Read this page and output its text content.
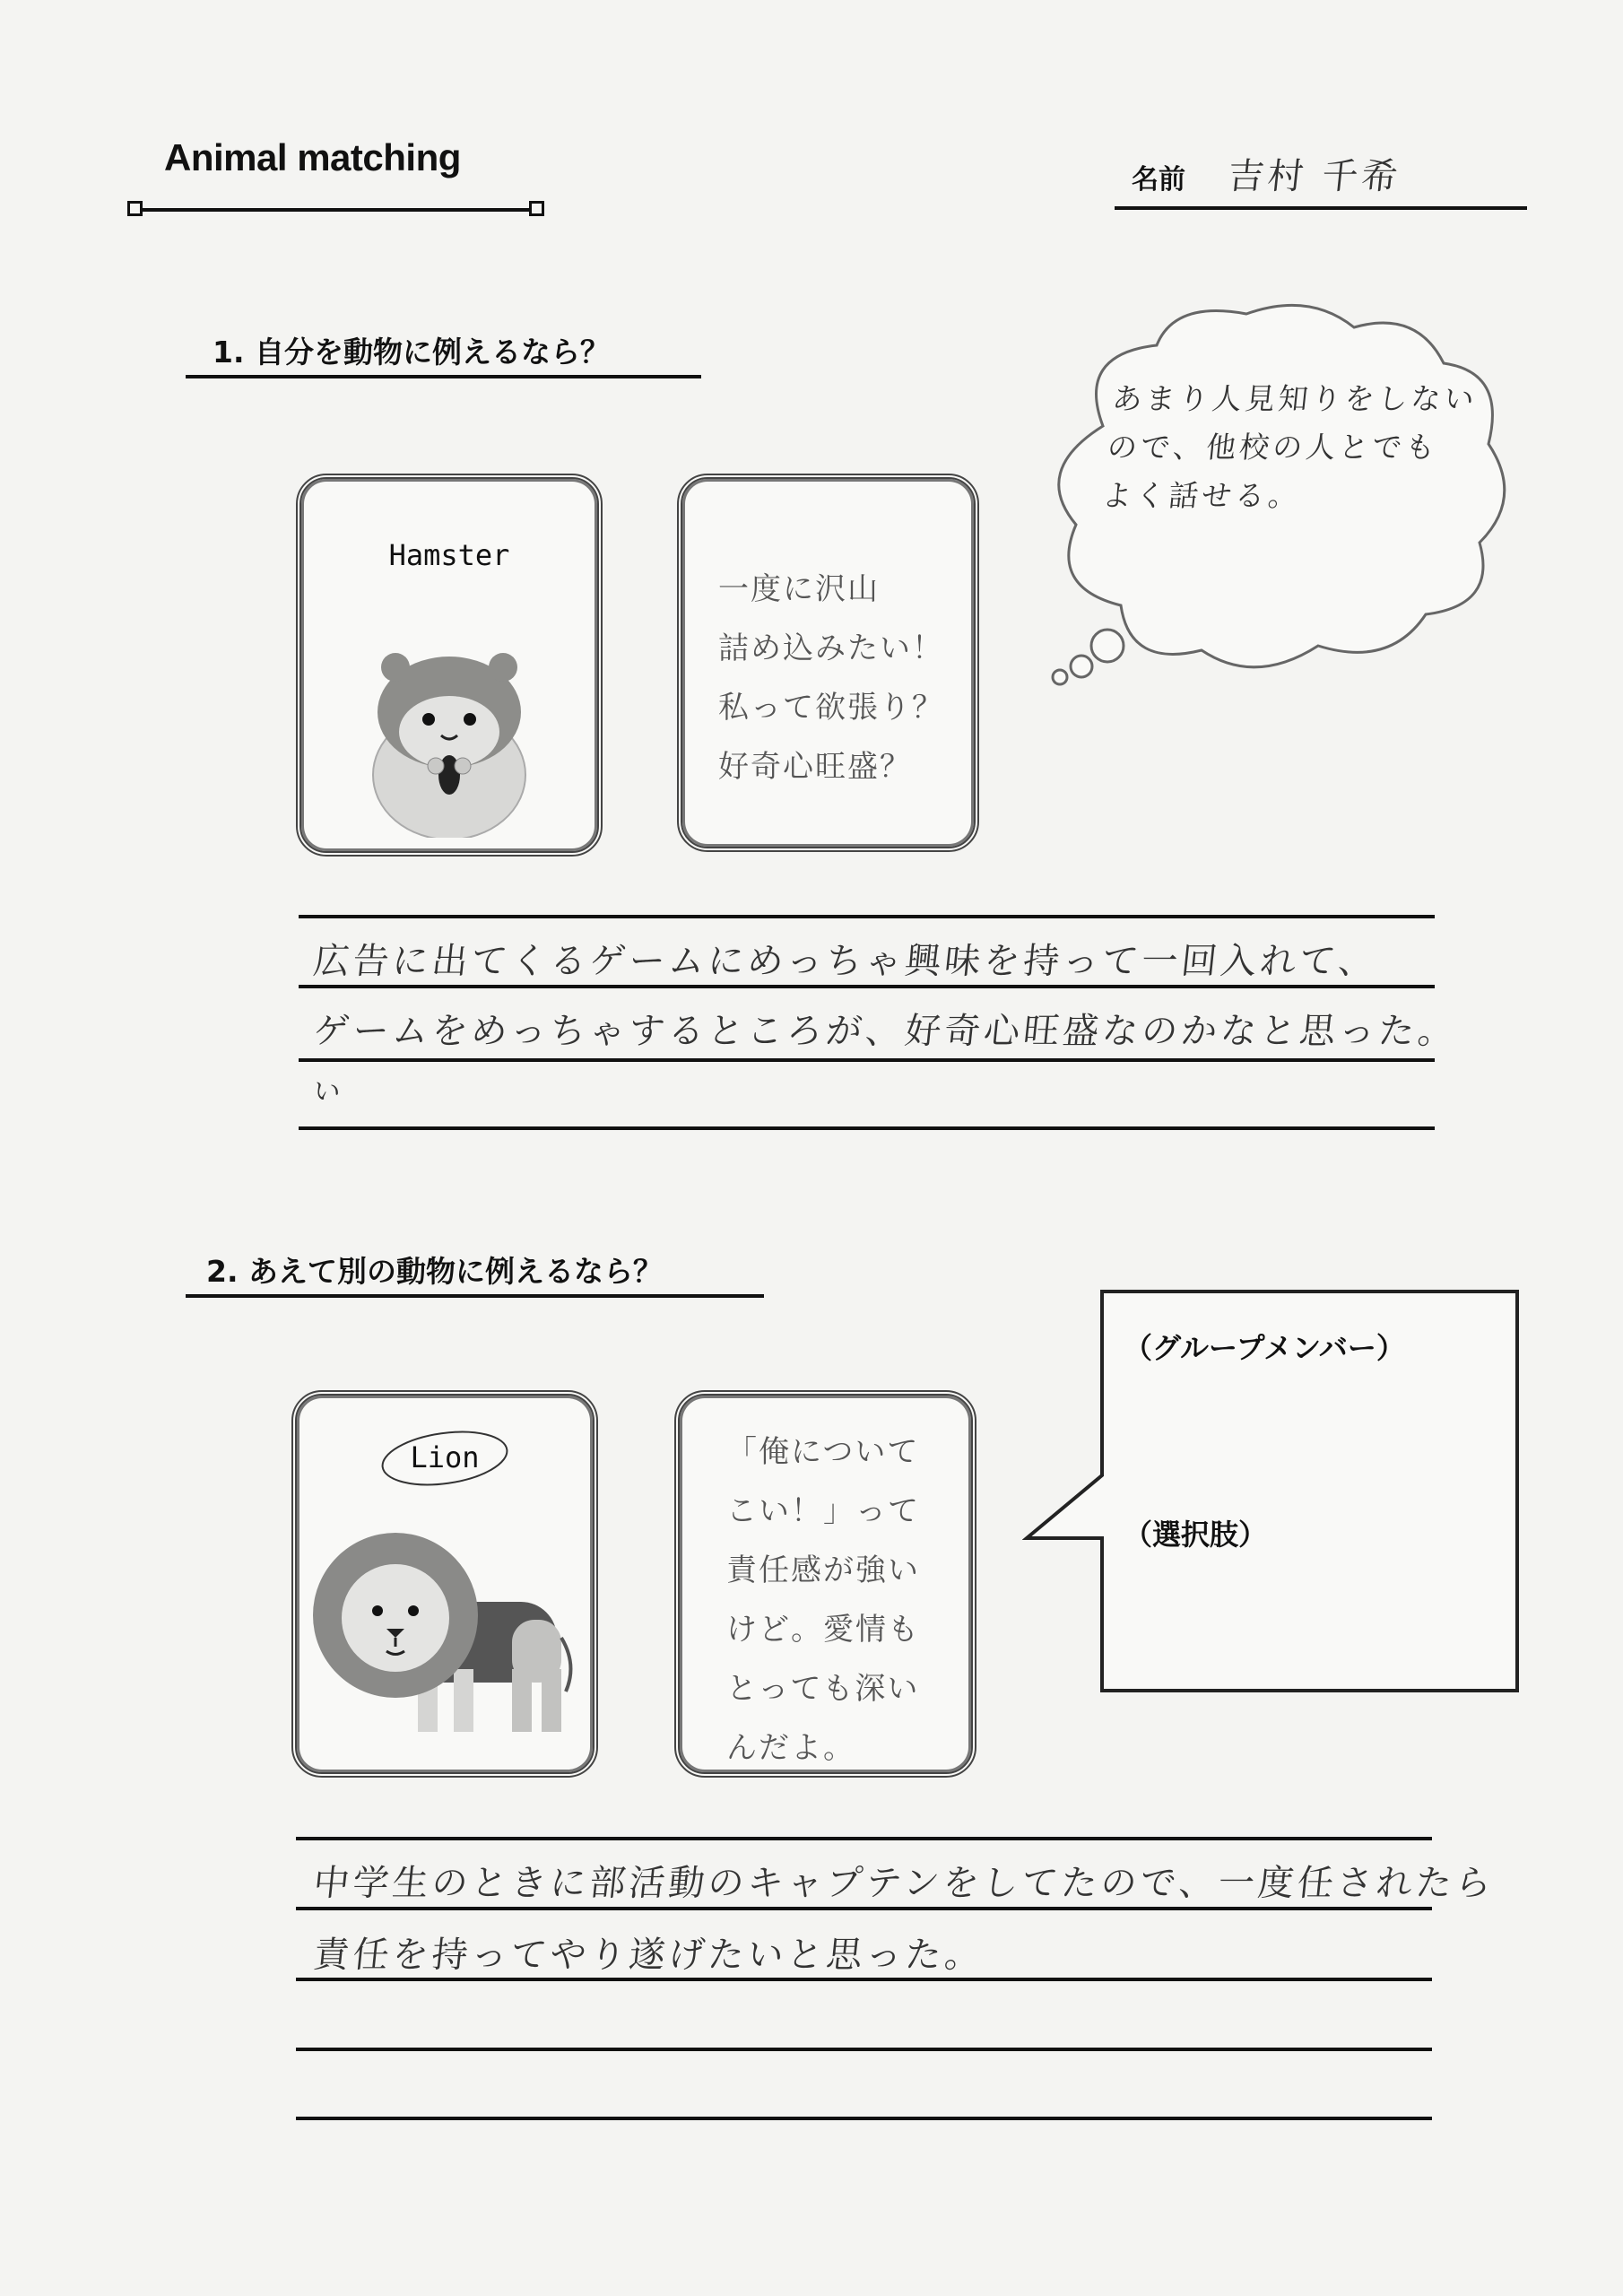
Animal matching
名前 吉村 千希
1. 自分を動物に例えるなら？
Hamster
一度に沢山
詰め込みたい！
私って欲張り？
好奇心旺盛？
あまり人見知りをしない
ので、他校の人とでも
よく話せる。
広告に出てくるゲームにめっちゃ興味を持って一回入れて、
ゲームをめっちゃするところが、好奇心旺盛なのかなと思った。
い
2. あえて別の動物に例えるなら？
Lion	「俺について
こい！」って
責任感が強い
けど。愛情も
とっても深い
んだよ。
（グループメンバー）
（選択肢）
中学生のときに部活動のキャプテンをしてたので、一度任されたら
責任を持ってやり遂げたいと思った。
